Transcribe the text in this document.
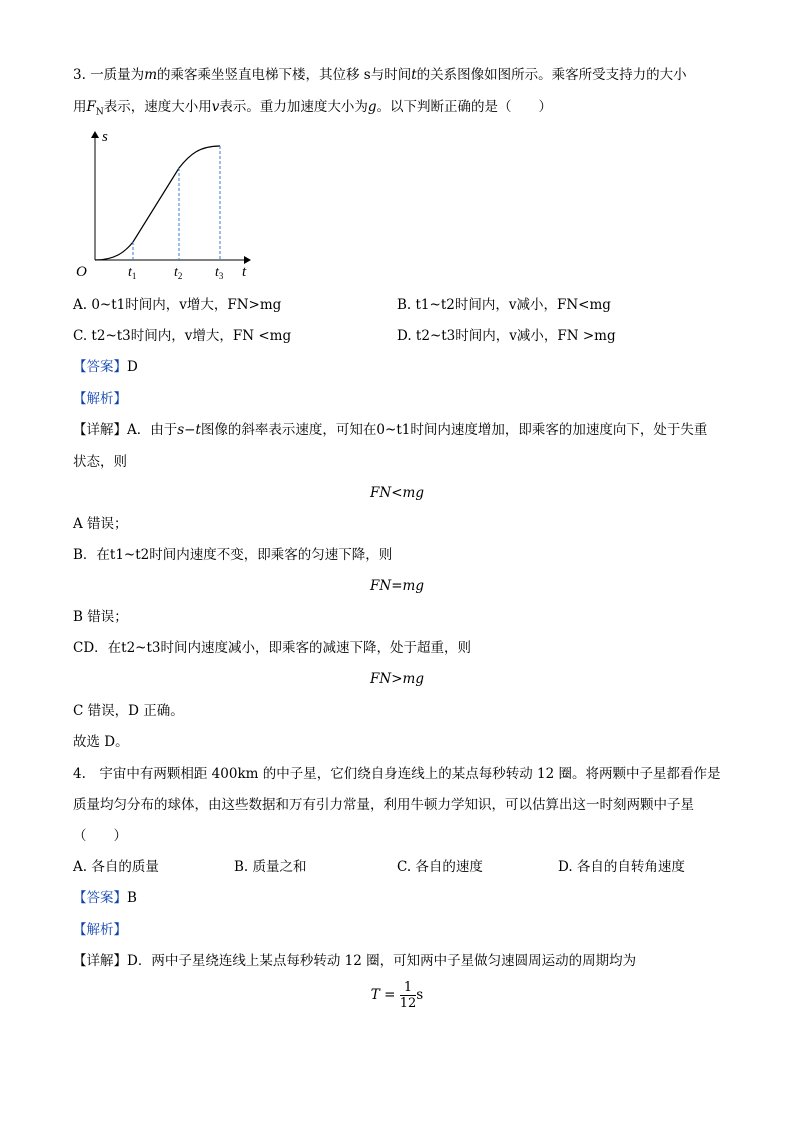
3. 一质量为m的乘客乘坐竖直电梯下楼，其位移 s与时间t的关系图像如图所示。乘客所受支持力的大小
用$F_N$表示，速度大小用v表示。重力加速度大小为g。以下判断正确的是（　　）
s
O	t
$t_1$	$t_2$ $t_3$
A. 0~t1时间内，v增大，FN>mg	B. t1~t2时间内，v减小，FN<mg
C. t2~t3时间内，v增大，FN <mg	D. t2~t3时间内，v减小，FN >mg
【答案】D
【解析】
【详解】A．由于s−t图像的斜率表示速度，可知在0~t1时间内速度增加，即乘客的加速度向下，处于失重
状态，则
FN<mg
A 错误；
B．在t1~t2时间内速度不变，即乘客的匀速下降，则
FN=mg
B 错误；
CD．在t2~t3时间内速度减小，即乘客的减速下降，处于超重，则
FN>mg
C 错误，D 正确。
故选 D。
4.　宇宙中有两颗相距 400km 的中子星，它们绕自身连线上的某点每秒转动 12 圈。将两颗中子星都看作是
质量均匀分布的球体，由这些数据和万有引力常量，利用牛顿力学知识，可以估算出这一时刻两颗中子星
（　　）
A. 各自的质量	B. 质量之和	C. 各自的速度	D. 各自的自转角速度
【答案】B
【解析】
【详解】D．两中子星绕连线上某点每秒转动 12 圈，可知两中子星做匀速圆周运动的周期均为
$T = \frac{1}{12}$ s
